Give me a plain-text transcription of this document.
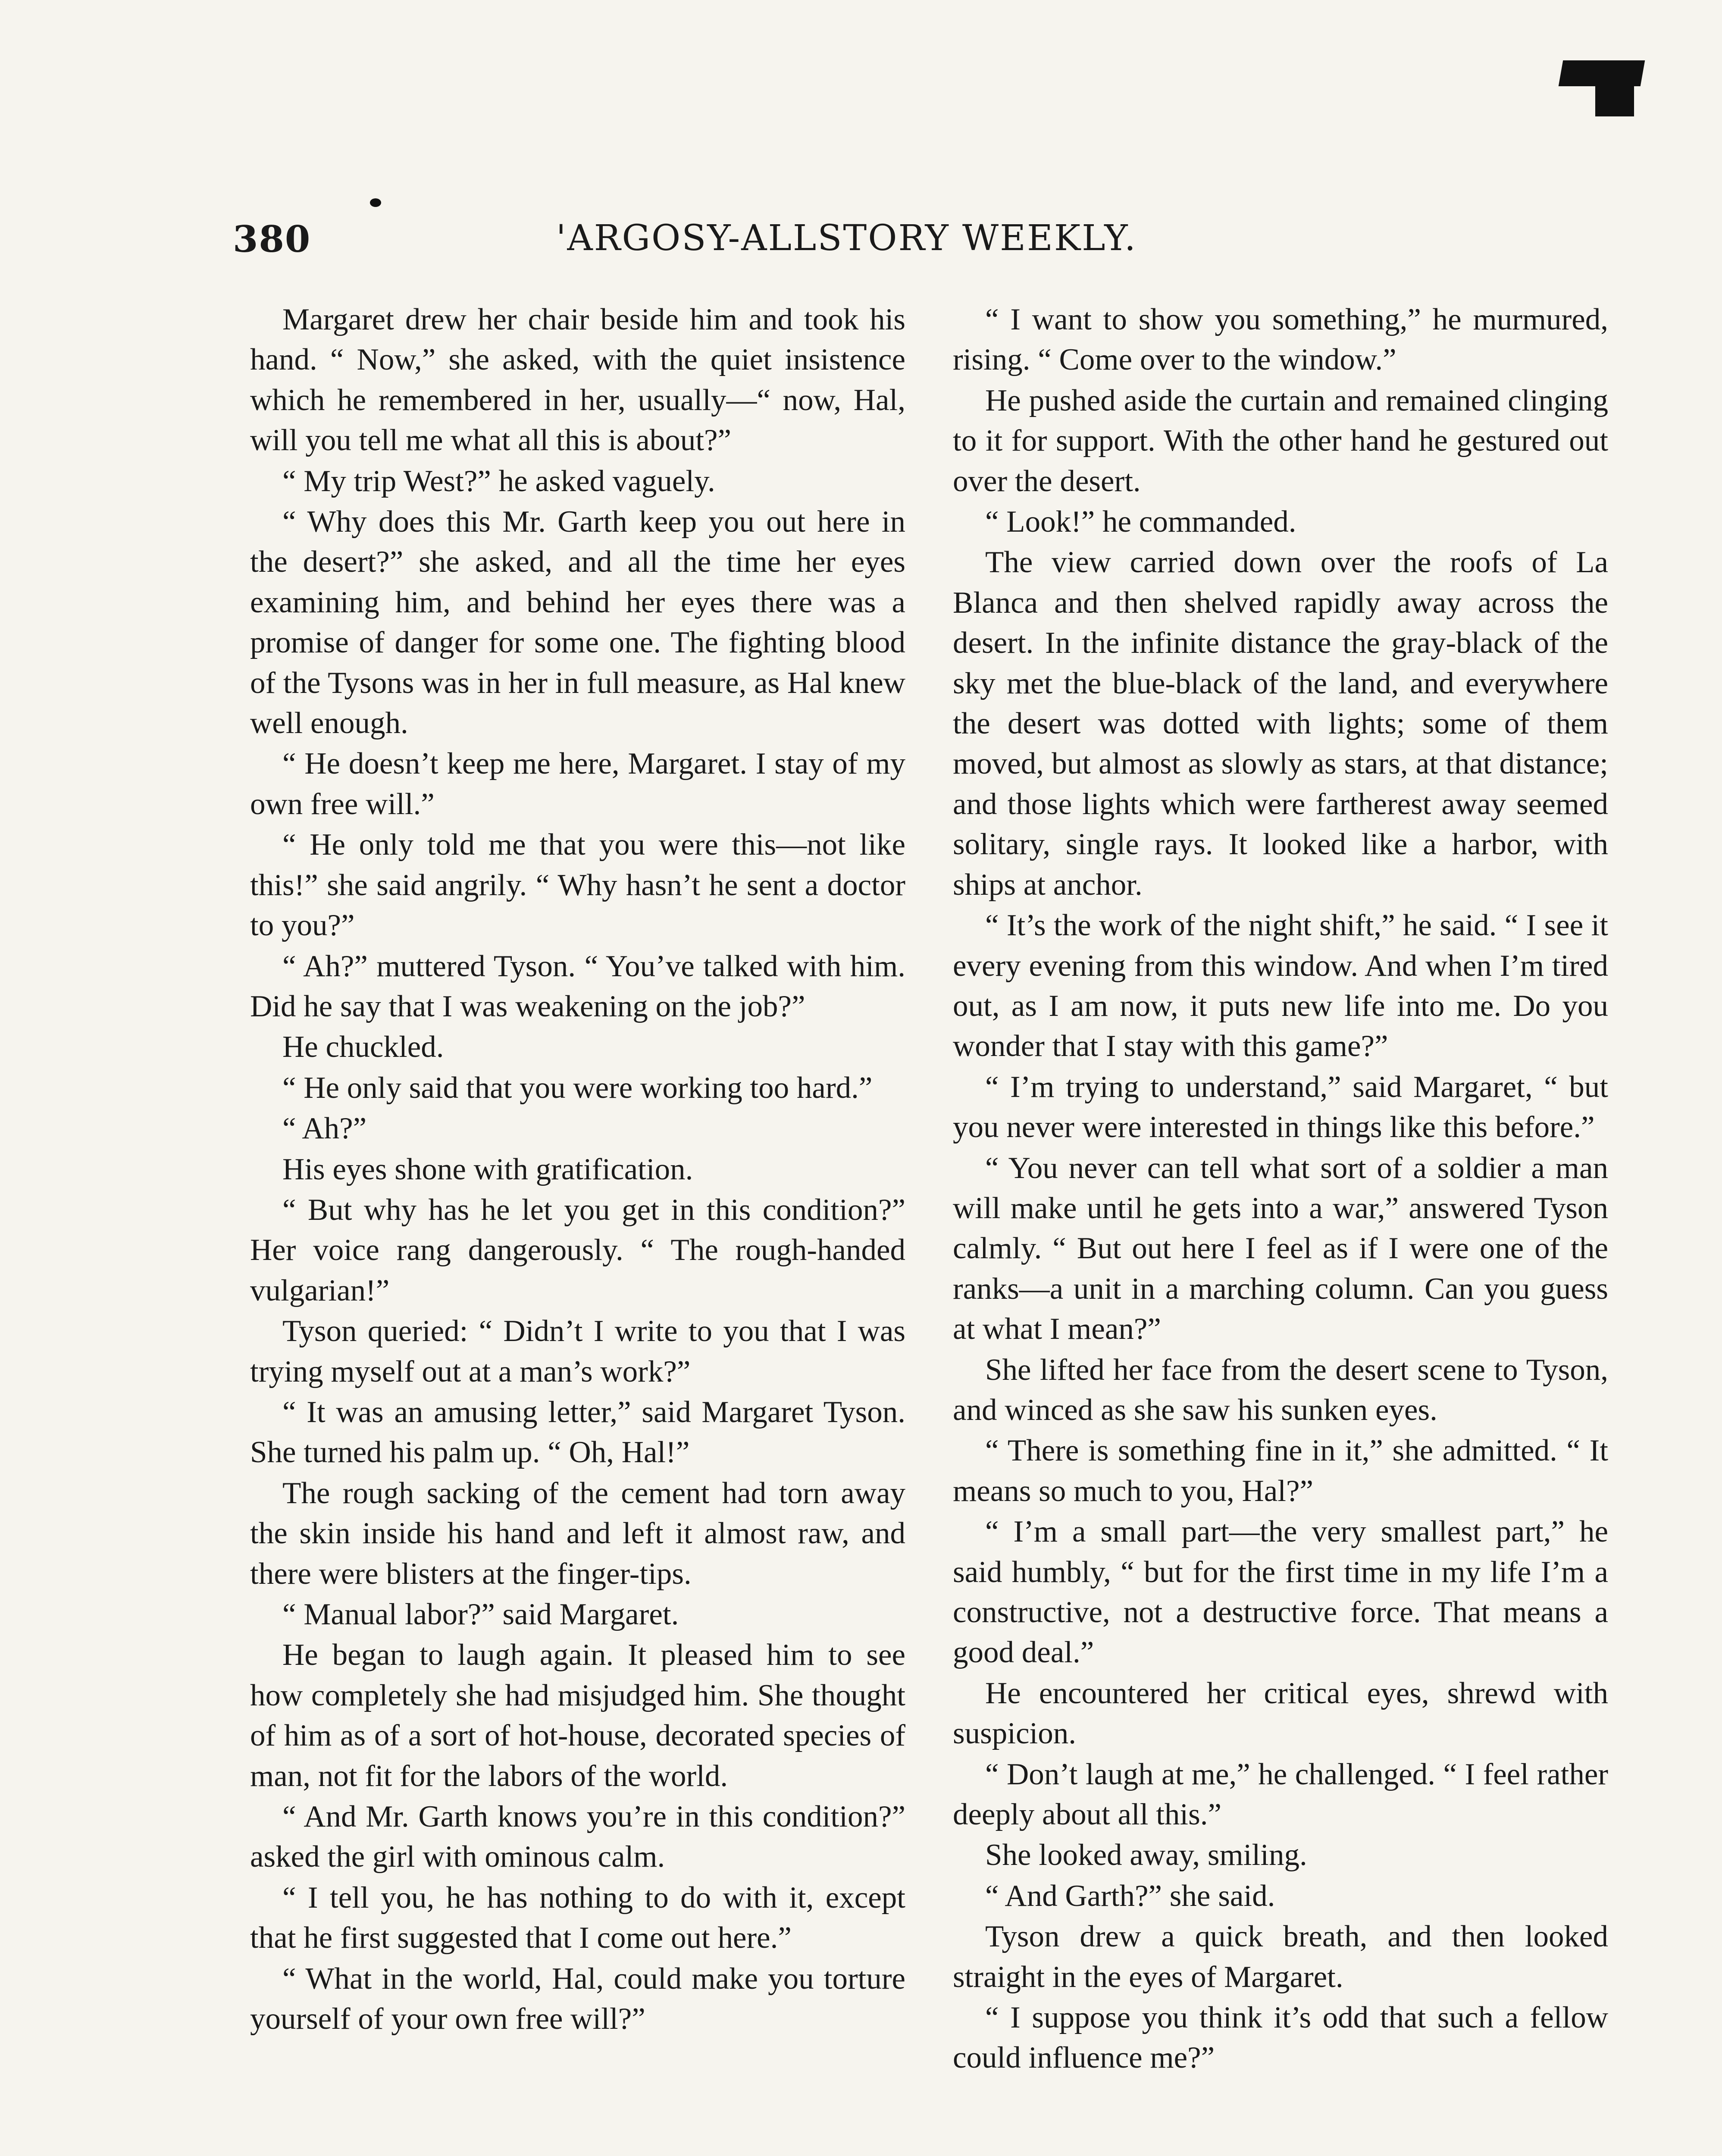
380	'ARGOSY-ALLSTORY WEEKLY.

Margaret drew her chair beside him and took his hand. “ Now,” she asked, with the quiet insistence which he remembered in her, usually—“ now, Hal, will you tell me what all this is about?”

“ My trip West?” he asked vaguely.

“ Why does this Mr. Garth keep you out here in the desert?” she asked, and all the time her eyes examining him, and behind her eyes there was a promise of danger for some one. The fighting blood of the Tysons was in her in full measure, as Hal knew well enough.

“ He doesn’t keep me here, Margaret. I stay of my own free will.”

“ He only told me that you were this—not like this!” she said angrily. “ Why hasn’t he sent a doctor to you?”

“ Ah?” muttered Tyson. “ You’ve talked with him. Did he say that I was weakening on the job?”

He chuckled.

“ He only said that you were working too hard.”

“ Ah?”

His eyes shone with gratification.

“ But why has he let you get in this condition?” Her voice rang dangerously. “ The rough-handed vulgarian!”

Tyson queried: “ Didn’t I write to you that I was trying myself out at a man’s work?”

“ It was an amusing letter,” said Margaret Tyson. She turned his palm up. “ Oh, Hal!”

The rough sacking of the cement had torn away the skin inside his hand and left it almost raw, and there were blisters at the finger-tips.

“ Manual labor?” said Margaret.

He began to laugh again. It pleased him to see how completely she had misjudged him. She thought of him as of a sort of hot-house, decorated species of man, not fit for the labors of the world.

“ And Mr. Garth knows you’re in this condition?” asked the girl with ominous calm.

“ I tell you, he has nothing to do with it, except that he first suggested that I come out here.”

“ What in the world, Hal, could make you torture yourself of your own free will?”

“ I want to show you something,” he murmured, rising. “ Come over to the window.”

He pushed aside the curtain and remained clinging to it for support. With the other hand he gestured out over the desert.

“ Look!” he commanded.

The view carried down over the roofs of La Blanca and then shelved rapidly away across the desert. In the infinite distance the gray-black of the sky met the blue-black of the land, and everywhere the desert was dotted with lights; some of them moved, but almost as slowly as stars, at that distance; and those lights which were fartherest away seemed solitary, single rays. It looked like a harbor, with ships at anchor.

“ It’s the work of the night shift,” he said. “ I see it every evening from this window. And when I’m tired out, as I am now, it puts new life into me. Do you wonder that I stay with this game?”

“ I’m trying to understand,” said Margaret, “ but you never were interested in things like this before.”

“ You never can tell what sort of a soldier a man will make until he gets into a war,” answered Tyson calmly. “ But out here I feel as if I were one of the ranks—a unit in a marching column. Can you guess at what I mean?”

She lifted her face from the desert scene to Tyson, and winced as she saw his sunken eyes.

“ There is something fine in it,” she admitted. “ It means so much to you, Hal?”

“ I’m a small part—the very smallest part,” he said humbly, “ but for the first time in my life I’m a constructive, not a destructive force. That means a good deal.”

He encountered her critical eyes, shrewd with suspicion.

“ Don’t laugh at me,” he challenged. “ I feel rather deeply about all this.”

She looked away, smiling.

“ And Garth?” she said.

Tyson drew a quick breath, and then looked straight in the eyes of Margaret.

“ I suppose you think it’s odd that such a fellow could influence me?”
